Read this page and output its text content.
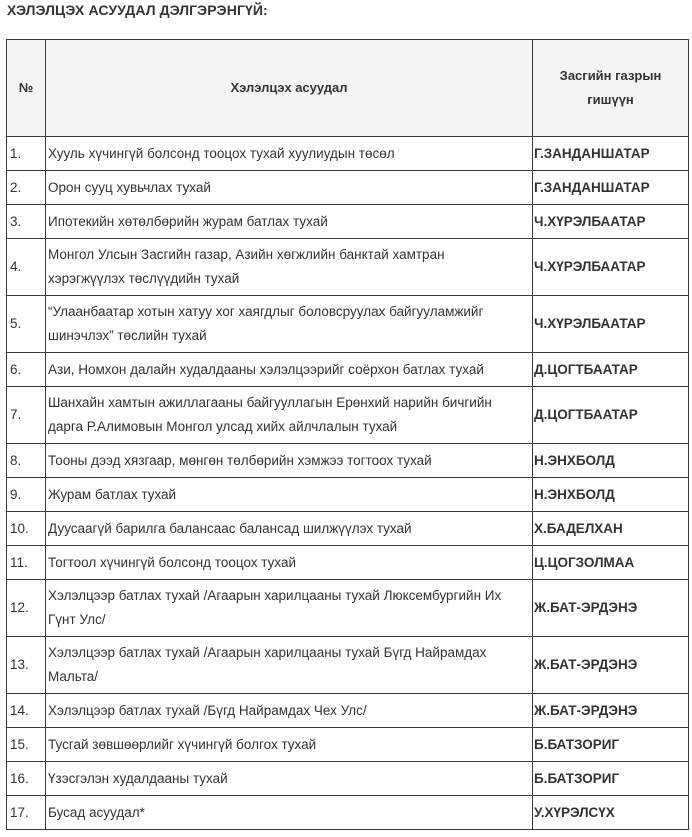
ХЭЛЭЛЦЭХ АСУУДАЛ ДЭЛГЭРЭНГҮЙ:
№	Хэлэлцэх асуудал	Засгийн газрын
гишүүн
1.	Хууль хүчингүй болсонд тооцох тухай хуулиудын төсөл	Г.ЗАНДАНШАТАР
2.	Орон сууц хувьчлах тухай	Г.ЗАНДАНШАТАР
3.	Ипотекийн хөтөлбөрийн журам батлах тухай	Ч.ХҮРЭЛБААТАР
4.	Монгол Улсын Засгийн газар, Азийн хөгжлийн банктай хамтран
хэрэгжүүлэх төслүүдийн тухай	Ч.ХҮРЭЛБААТАР
5.	“Улаанбаатар хотын хатуу хог хаягдлыг боловсруулах байгууламжийг
шинэчлэх” төслийн тухай	Ч.ХҮРЭЛБААТАР
6.	Ази, Номхон далайн худалдааны хэлэлцээрийг соёрхон батлах тухай	Д.ЦОГТБААТАР
7.	Шанхайн хамтын ажиллагааны байгууллагын Ерөнхий нарийн бичгийн
дарга Р.Алимовын Монгол улсад хийх айлчлалын тухай	Д.ЦОГТБААТАР
8.	Тооны дээд хязгаар, мөнгөн төлбөрийн хэмжээ тогтоох тухай	Н.ЭНХБОЛД
9.	Журам батлах тухай	Н.ЭНХБОЛД
10.	Дуусаагүй барилга балансаас балансад шилжүүлэх тухай	Х.БАДЕЛХАН
11.	Тогтоол хүчингүй болсонд тооцох тухай	Ц.ЦОГЗОЛМАА
12.	Хэлэлцээр батлах тухай /Агаарын харилцааны тухай Люксембургийн Их
Гүнт Улс/	Ж.БАТ-ЭРДЭНЭ
13.	Хэлэлцээр батлах тухай /Агаарын харилцааны тухай Бүгд Найрамдах
Мальта/	Ж.БАТ-ЭРДЭНЭ
14.	Хэлэлцээр батлах тухай /Бүгд Найрамдах Чех Улс/	Ж.БАТ-ЭРДЭНЭ
15.	Тусгай зөвшөөрлийг хүчингүй болгох тухай	Б.БАТЗОРИГ
16.	Үзэсгэлэн худалдааны тухай	Б.БАТЗОРИГ
17.	Бусад асуудал*	У.ХҮРЭЛСҮХ
